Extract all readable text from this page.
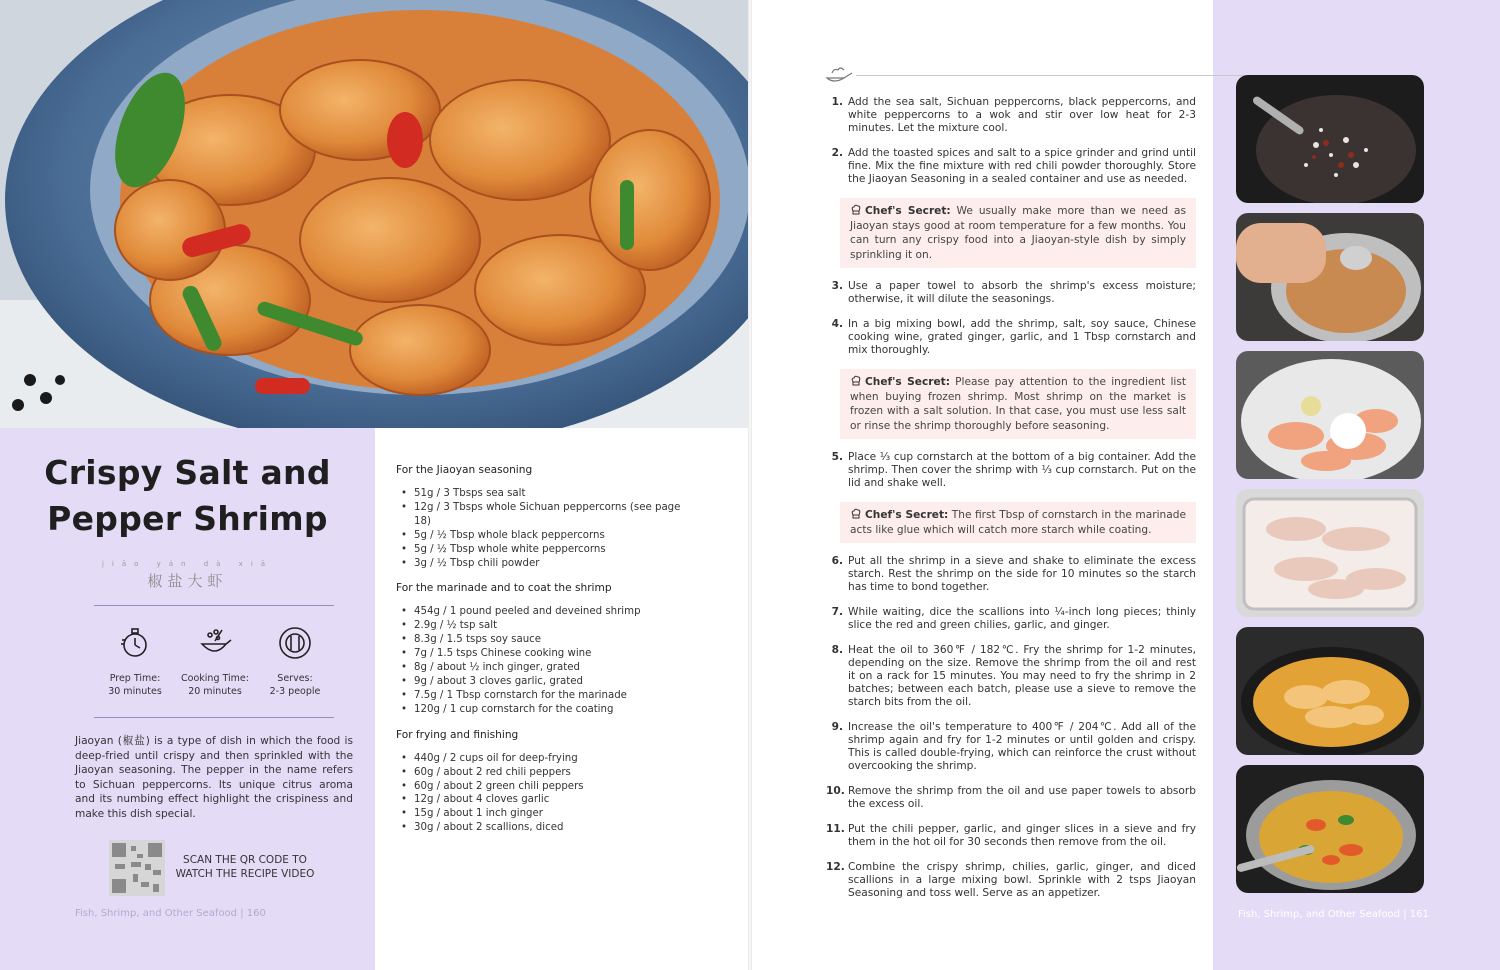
Crispy Salt and
Pepper Shrimp
jiāo yán dà xiā
椒盐大虾
Prep Time:
30 minutes
Cooking Time:
20 minutes
Serves:
2-3 people

Jiaoyan (椒盐) is a type of dish in which the food is deep-fried until crispy and then sprinkled with the Jiaoyan seasoning. The pepper in the name refers to Sichuan peppercorns. Its unique citrus aroma and its numbing effect highlight the crispiness and make this dish special.

SCAN THE QR CODE TO
WATCH THE RECIPE VIDEO
Fish, Shrimp, and Other Seafood | 160
For the Jiaoyan seasoning
• 51g / 3 Tbsps sea salt
• 12g / 3 Tbsps whole Sichuan peppercorns (see page 18)
• 5g / ½ Tbsp whole black peppercorns
• 5g / ½ Tbsp whole white peppercorns
• 3g / ½ Tbsp chili powder
For the marinade and to coat the shrimp
• 454g / 1 pound peeled and deveined shrimp
• 2.9g / ½ tsp salt
• 8.3g / 1.5 tsps soy sauce
• 7g / 1.5 tsps Chinese cooking wine
• 8g / about ½ inch ginger, grated
• 9g / about 3 cloves garlic, grated
• 7.5g / 1 Tbsp cornstarch for the marinade
• 120g / 1 cup cornstarch for the coating
For frying and finishing
• 440g / 2 cups oil for deep-frying
• 60g / about 2 red chili peppers
• 60g / about 2 green chili peppers
• 12g / about 4 cloves garlic
• 15g / about 1 inch ginger
• 30g / about 2 scallions, diced
1. Add the sea salt, Sichuan peppercorns, black peppercorns, and white peppercorns to a wok and stir over low heat for 2-3 minutes. Let the mixture cool.
2. Add the toasted spices and salt to a spice grinder and grind until fine. Mix the fine mixture with red chili powder thoroughly. Store the Jiaoyan Seasoning in a sealed container and use as needed.
Chef's Secret: We usually make more than we need as Jiaoyan stays good at room temperature for a few months. You can turn any crispy food into a Jiaoyan-style dish by simply sprinkling it on.
3. Use a paper towel to absorb the shrimp's excess moisture; otherwise, it will dilute the seasonings.
4. In a big mixing bowl, add the shrimp, salt, soy sauce, Chinese cooking wine, grated ginger, garlic, and 1 Tbsp cornstarch and mix thoroughly.
Chef's Secret: Please pay attention to the ingredient list when buying frozen shrimp. Most shrimp on the market is frozen with a salt solution. In that case, you must use less salt or rinse the shrimp thoroughly before seasoning.
5. Place ⅓ cup cornstarch at the bottom of a big container. Add the shrimp. Then cover the shrimp with ⅓ cup cornstarch. Put on the lid and shake well.
Chef's Secret: The first Tbsp of cornstarch in the marinade acts like glue which will catch more starch while coating.
6. Put all the shrimp in a sieve and shake to eliminate the excess starch. Rest the shrimp on the side for 10 minutes so the starch has time to bond together.
7. While waiting, dice the scallions into ¼-inch long pieces; thinly slice the red and green chilies, garlic, and ginger.
8. Heat the oil to 360℉ / 182℃. Fry the shrimp for 1-2 minutes, depending on the size. Remove the shrimp from the oil and rest it on a rack for 15 minutes. You may need to fry the shrimp in 2 batches; between each batch, please use a sieve to remove the starch bits from the oil.
9. Increase the oil's temperature to 400℉ / 204℃. Add all of the shrimp again and fry for 1-2 minutes or until golden and crispy. This is called double-frying, which can reinforce the crust without overcooking the shrimp.
10. Remove the shrimp from the oil and use paper towels to absorb the excess oil.
11. Put the chili pepper, garlic, and ginger slices in a sieve and fry them in the hot oil for 30 seconds then remove from the oil.
12. Combine the crispy shrimp, chilies, garlic, ginger, and diced scallions in a large mixing bowl. Sprinkle with 2 tsps Jiaoyan Seasoning and toss well. Serve as an appetizer.
Fish, Shrimp, and Other Seafood | 161
